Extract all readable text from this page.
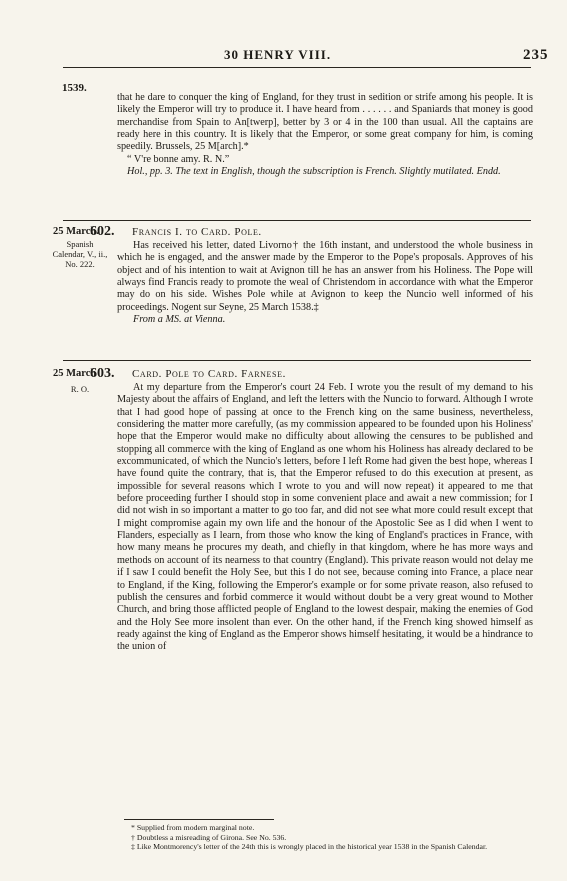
30 HENRY VIII.	235
1539.

that he dare to conquer the king of England, for they trust in sedition or strife among his people. It is likely the Emperor will try to produce it. I have heard from . . . . . . and Spaniards that money is good merchandise from Spain to An[twerp], better by 3 or 4 in the 100 than usual. All the captains are ready here in this country. It is likely that the Emperor, or some great company for him, is coming speedily. Brussels, 25 M[arch].*

“ V're bonne amy. R. N.”

Hol., pp. 3. The text in English, though the subscription is French. Slightly mutilated. Endd.

25 March.
602. Francis I. to Card. Pole.
Spanish Calendar, V., ii., No. 222.

Has received his letter, dated Livorno† the 16th instant, and understood the whole business in which he is engaged, and the answer made by the Emperor to the Pope's proposals. Approves of his object and of his intention to wait at Avignon till he has an answer from his Holiness. The Pope will always find Francis ready to promote the weal of Christendom in accordance with what the Emperor may do on his side. Wishes Pole while at Avignon to keep the Nuncio well informed of his proceedings. Nogent sur Seyne, 25 March 1538.‡

From a MS. at Vienna.

25 March
603. Card. Pole to Card. Farnese.
R. O.	At my departure from the Emperor's court 24 Feb. I wrote you the result of my demand to his Majesty about the affairs of England, and left the letters with the Nuncio to forward. Although I wrote that I had good hope of passing at once to the French king on the same business, nevertheless, considering the matter more carefully, (as my commission appeared to be founded upon his Holiness' hope that the Emperor would make no difficulty about allowing the censures to be published and stopping all commerce with the king of England as one whom his Holiness has already declared to be excommunicated, of which the Nuncio's letters, before I left Rome had given the best hope, whereas I have found quite the contrary, that is, that the Emperor refused to do this execution at present, as impossible for several reasons which I wrote to you and will now repeat) it appeared to me that before proceeding further I should stop in some convenient place and await a new commission; for I did not wish in so important a matter to go too far, and did not see what more could result except that I might compromise again my own life and the honour of the Apostolic See as I did when I went to Flanders, especially as I learn, from those who know the king of England's practices in France, with how many means he procures my death, and chiefly in that kingdom, where he has more ways and methods on account of its nearness to that country (England). This private reason would not delay me if I saw I could benefit the Holy See, but this I do not see, because coming into France, a place near to England, if the King, following the Emperor's example or for some private reason, also refused to publish the censures and forbid commerce it would without doubt be a very great wound to Mother Church, and bring those afflicted people of England to the lowest despair, making the enemies of God and the Holy See more insolent than ever. On the other hand, if the French king showed himself as ready against the king of England as the Emperor shows himself hesitating, it would be a hindrance to the union of

* Supplied from modern marginal note.
† Doubtless a misreading of Girona. See No. 536.
‡ Like Montmorency's letter of the 24th this is wrongly placed in the historical year 1538 in the Spanish Calendar.
